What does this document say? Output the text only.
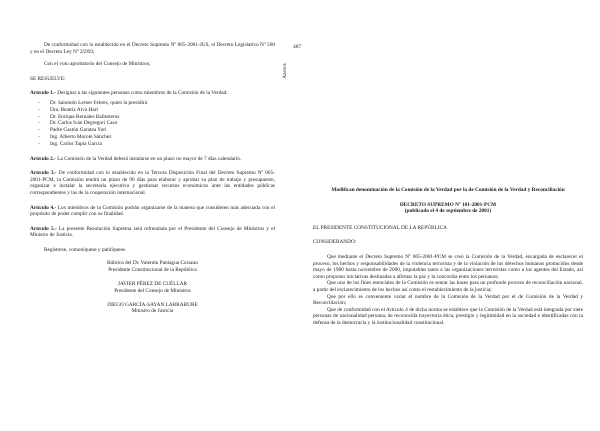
487
Anexos

De conformidad con lo establecido en el Decreto Supremo Nº 065-2001-JUS, el Decreto Legislativo Nº 560 y en el Decreto Ley Nº 25993;

Con el voto aprobatorio del Consejo de Ministros;

SE RESUELVE:

Artículo 1.- Designar a las siguientes personas como miembros de la Comisión de la Verdad:

-	Dr. Salomón Lerner Febres, quien la presidirá
-	Dra. Beatriz Alva Hart
-	Dr. Enrique Bernales Ballesteros
-	Dr. Carlos Iván Degregori Caso
-	Padre Gastón Garatea Yori
-	Ing. Alberto Morote Sánchez
-	Ing. Carlos Tapia García

Artículo 2.- La Comisión de la Verdad deberá instalarse en un plazo no mayor de 7 días calendario.

Artículo 3.- De conformidad con lo establecido en la Tercera Disposición Final del Decreto Supremo Nº 065-2001-PCM, la Comisión tendrá un plazo de 90 días para elaborar y aprobar su plan de trabajo y presupuesto, organizar e instalar la secretaría ejecutiva y gestionar recursos económicos ante las entidades públicas correspondientes y las de la cooperación internacional.

Artículo 4.- Los miembros de la Comisión podrán organizarse de la manera que consideren más adecuada con el propósito de poder cumplir con su finalidad.

Artículo 5.- La presente Resolución Suprema será refrendada por el Presidente del Consejo de Ministros y el Ministro de Justicia.

Regístrese, comuníquese y publíquese.

Rúbrica del Dr. Valentín Paniagua Corazao
Presidente Constitucional de la República
JAVIER PÉREZ DE CUÉLLAR
Presidente del Consejo de Ministros
DIEGO GARCÍA-SAYAN LARRABURE
Ministro de Justicia

Modifican denominación de la Comisión de la Verdad por la de Comisión de la Verdad y Reconciliación

DECRETO SUPREMO Nº 101-2001-PCM

(publicado el 4 de septiembre de 2001)

EL PRESIDENTE CONSTITUCIONAL DE LA REPÚBLICA

CONSIDERANDO:

Que mediante el Decreto Supremo Nº 065-2001-PCM se creó la Comisión de la Verdad, encargada de esclarecer el proceso, los hechos y responsabilidades de la violencia terrorista y de la violación de los derechos humanos producidos desde mayo de 1980 hasta noviembre de 2000, imputables tanto a las organizaciones terroristas como a los agentes del Estado, así como proponer iniciativas destinadas a afirmar la paz y la concordia entre los peruanos;

Que uno de los fines esenciales de la Comisión es sentar las bases para un profundo proceso de reconciliación nacional, a partir del esclarecimiento de los hechos así como el restablecimiento de la justicia;

Que por ello es conveniente variar el nombre de la Comisión de la Verdad por el de Comisión de la Verdad y Reconciliación;

Que de conformidad con el Artículo 4 de dicha norma se establece que la Comisión de la Verdad está integrada por siete personas de nacionalidad peruana, de reconocida trayectoria ética, prestigio y legitimidad en la sociedad e identificadas con la defensa de la democracia y la institucionalidad constitucional.
